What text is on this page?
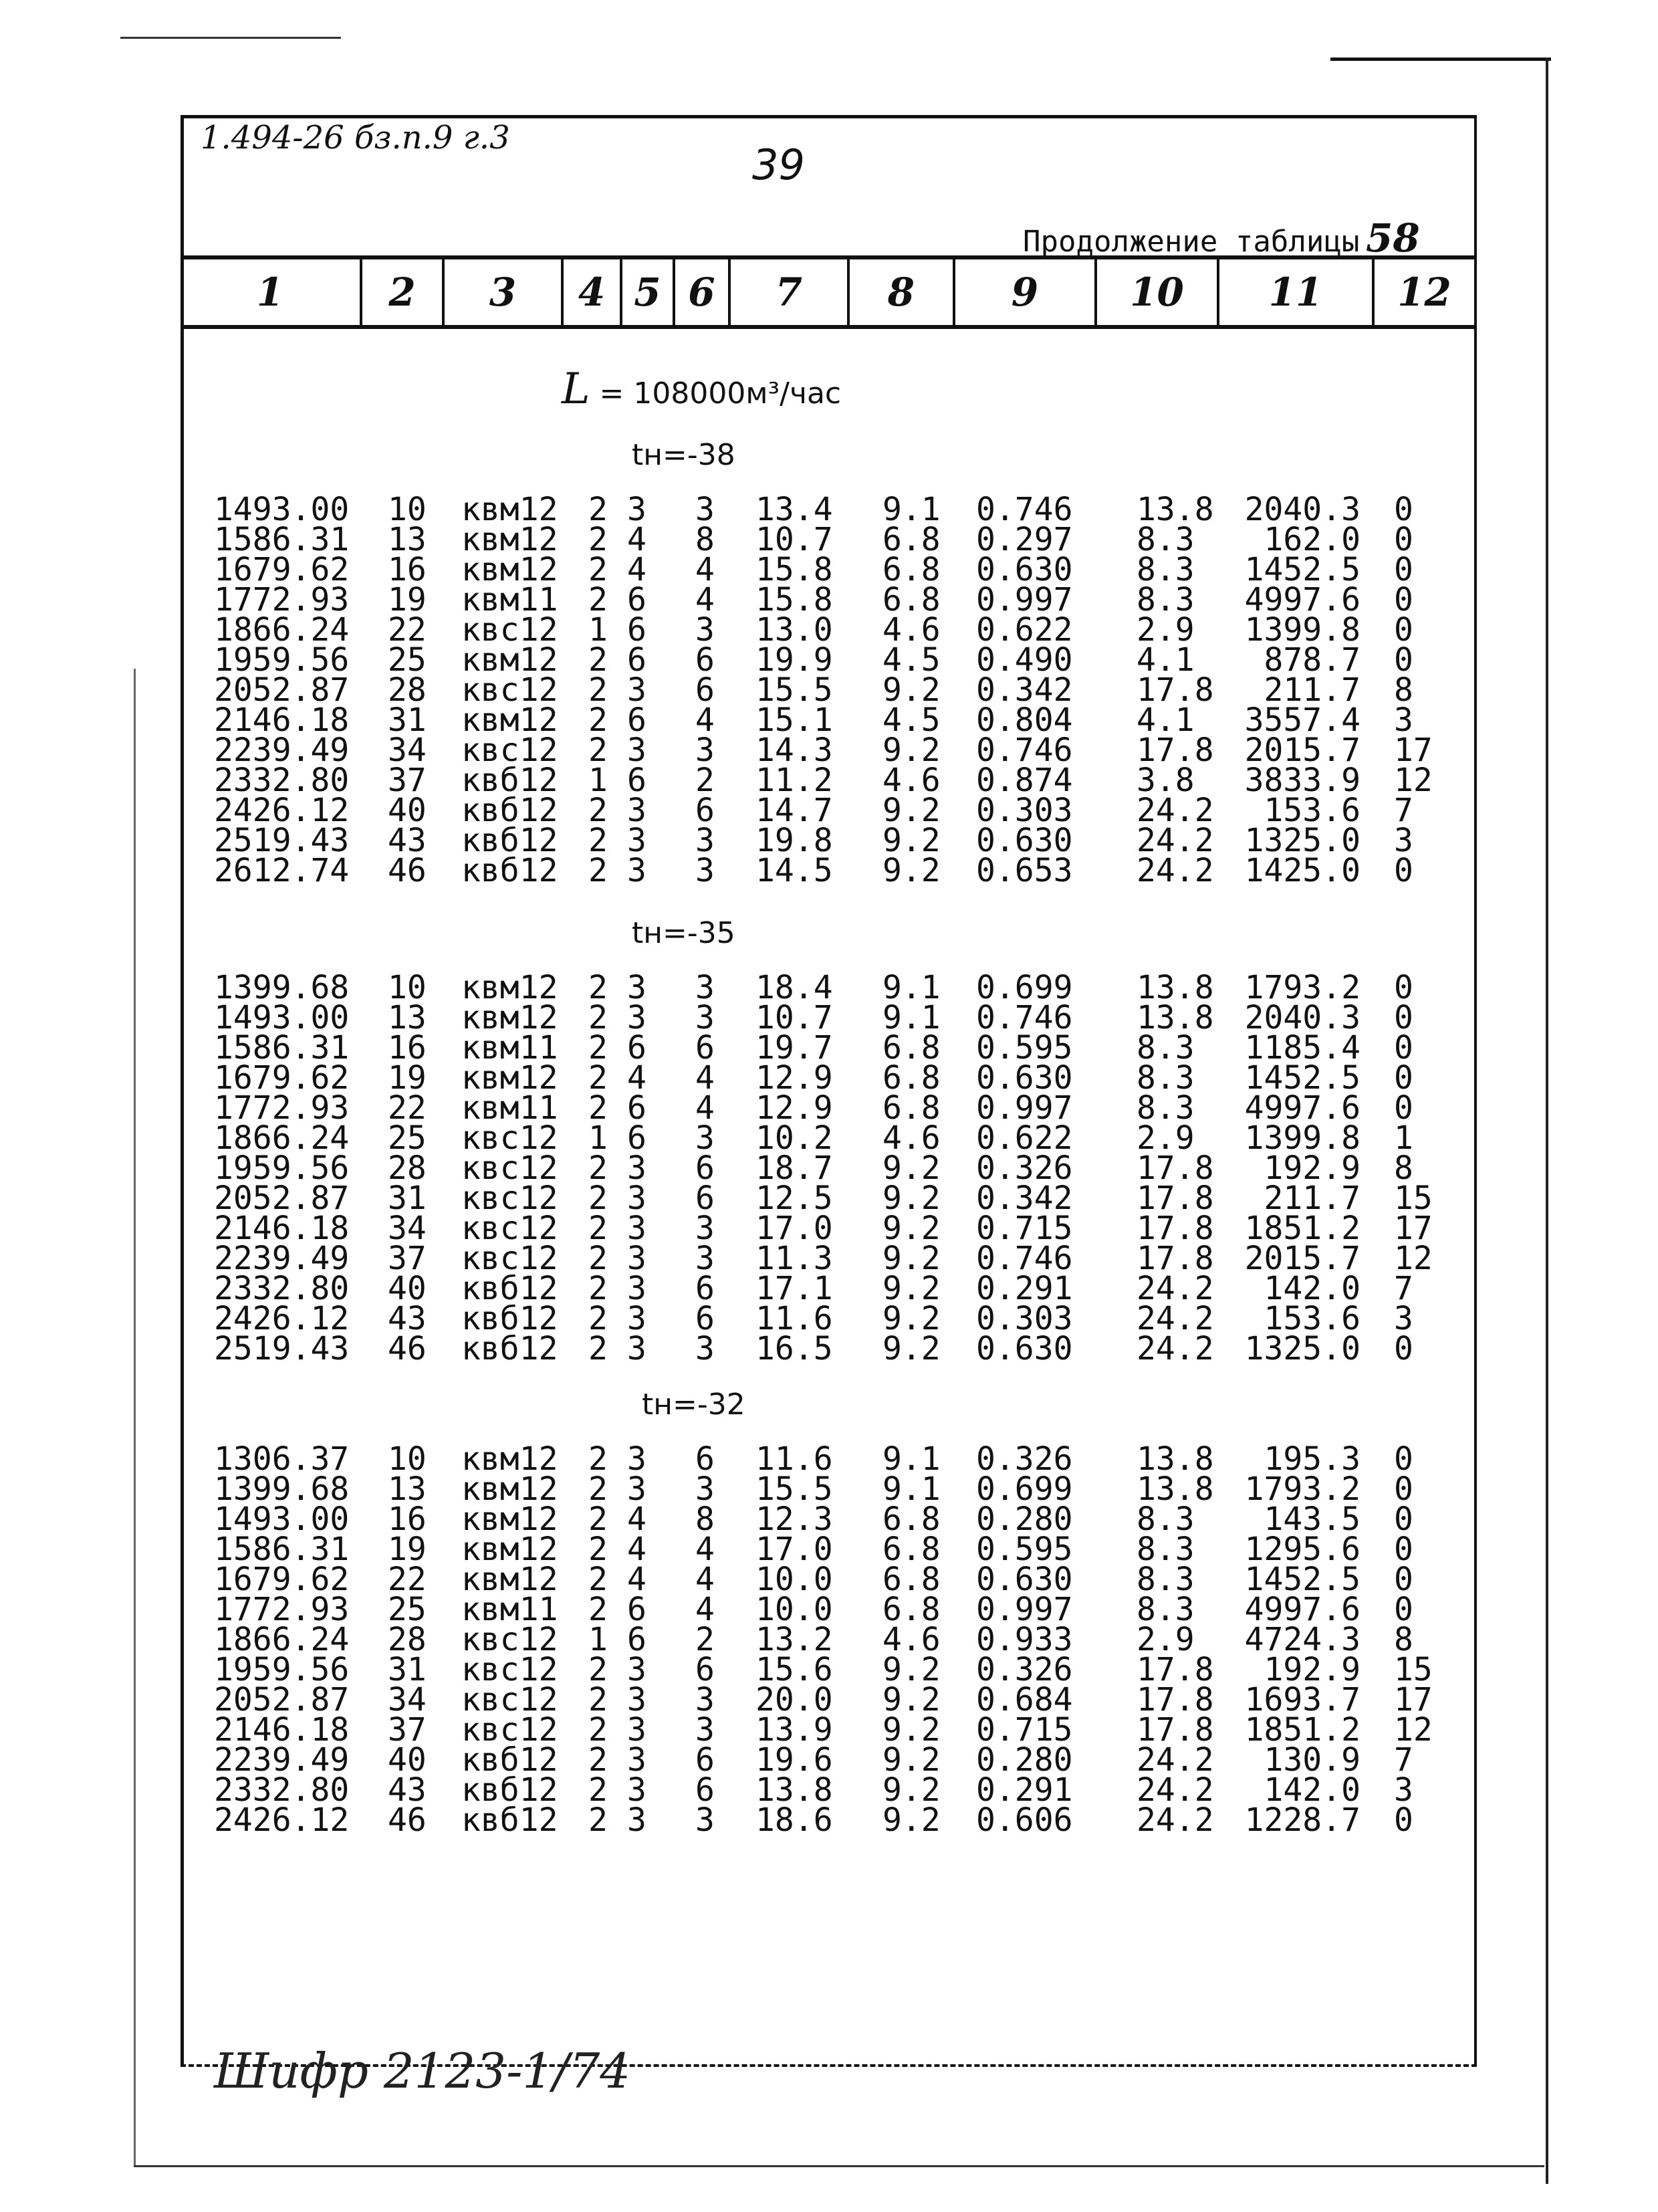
1.494-26 бз.п.9 г.3
39
Продолжение таблицы 58
1	2	3	4 5 6	7	8	9	10	11	12
L = 108000м³/час
tн=-38
1493.00 10 квм12 2 3 3 13.4 9.1 0.746 13.8 2040.3 0
1586.31 13 квм12 2 4 8 10.7 6.8 0.297 8.3	162.0 0
1679.62 16 квм12 2 4 4 15.8 6.8 0.630 8.3	1452.5 0
1772.93 19 квм11 2 6 4 15.8 6.8 0.997 8.3	4997.6 0
1866.24 22 квс12 1 6 3 13.0 4.6 0.622 2.9	1399.8 0
1959.56 25 квм12 2 6 6 19.9 4.5 0.490 4.1	878.7 0
2052.87 28 квс12 2 3 6 15.5 9.2 0.342 17.8	211.7 8
2146.18 31 квм12 2 6 4 15.1 4.5 0.804 4.1	3557.4 3
2239.49 34 квс12 2 3 3 14.3 9.2 0.746 17.8 2015.7 17
2332.80 37 квб12 1 6 2 11.2 4.6 0.874 3.8	3833.9 12
2426.12 40 квб12 2 3 6 14.7 9.2 0.303 24.2	153.6 7
2519.43 43 квб12 2 3 3 19.8 9.2 0.630 24.2 1325.0 3
2612.74 46 квб12 2 3 3 14.5 9.2 0.653 24.2 1425.0 0
tн=-35
1399.68 10 квм12 2 3 3 18.4 9.1 0.699 13.8 1793.2 0
1493.00 13 квм12 2 3 3 10.7 9.1 0.746 13.8 2040.3 0
1586.31 16 квм11 2 6 6 19.7 6.8 0.595 8.3	1185.4 0
1679.62 19 квм12 2 4 4 12.9 6.8 0.630 8.3	1452.5 0
1772.93 22 квм11 2 6 4 12.9 6.8 0.997 8.3	4997.6 0
1866.24 25 квс12 1 6 3 10.2 4.6 0.622 2.9	1399.8 1
1959.56 28 квс12 2 3 6 18.7 9.2 0.326 17.8	192.9 8
2052.87 31 квс12 2 3 6 12.5 9.2 0.342 17.8	211.7 15
2146.18 34 квс12 2 3 3 17.0 9.2 0.715 17.8 1851.2 17
2239.49 37 квс12 2 3 3 11.3 9.2 0.746 17.8 2015.7 12
2332.80 40 квб12 2 3 6 17.1 9.2 0.291 24.2	142.0 7
2426.12 43 квб12 2 3 6 11.6 9.2 0.303 24.2	153.6 3
2519.43 46 квб12 2 3 3 16.5 9.2 0.630 24.2 1325.0 0
tн=-32
1306.37 10 квм12 2 3 6 11.6 9.1 0.326 13.8	195.3 0
1399.68 13 квм12 2 3 3 15.5 9.1 0.699 13.8 1793.2 0
1493.00 16 квм12 2 4 8 12.3 6.8 0.280 8.3	143.5 0
1586.31 19 квм12 2 4 4 17.0 6.8 0.595 8.3	1295.6 0
1679.62 22 квм12 2 4 4 10.0 6.8 0.630 8.3	1452.5 0
1772.93 25 квм11 2 6 4 10.0 6.8 0.997 8.3	4997.6 0
1866.24 28 квс12 1 6 2 13.2 4.6 0.933 2.9	4724.3 8
1959.56 31 квс12 2 3 6 15.6 9.2 0.326 17.8	192.9 15
2052.87 34 квс12 2 3 3 20.0 9.2 0.684 17.8 1693.7 17
2146.18 37 квс12 2 3 3 13.9 9.2 0.715 17.8 1851.2 12
2239.49 40 квб12 2 3 6 19.6 9.2 0.280 24.2	130.9 7
2332.80 43 квб12 2 3 6 13.8 9.2 0.291 24.2	142.0 3
2426.12 46 квб12 2 3 3 18.6 9.2 0.606 24.2 1228.7 0
Шифр 2123-1/74
